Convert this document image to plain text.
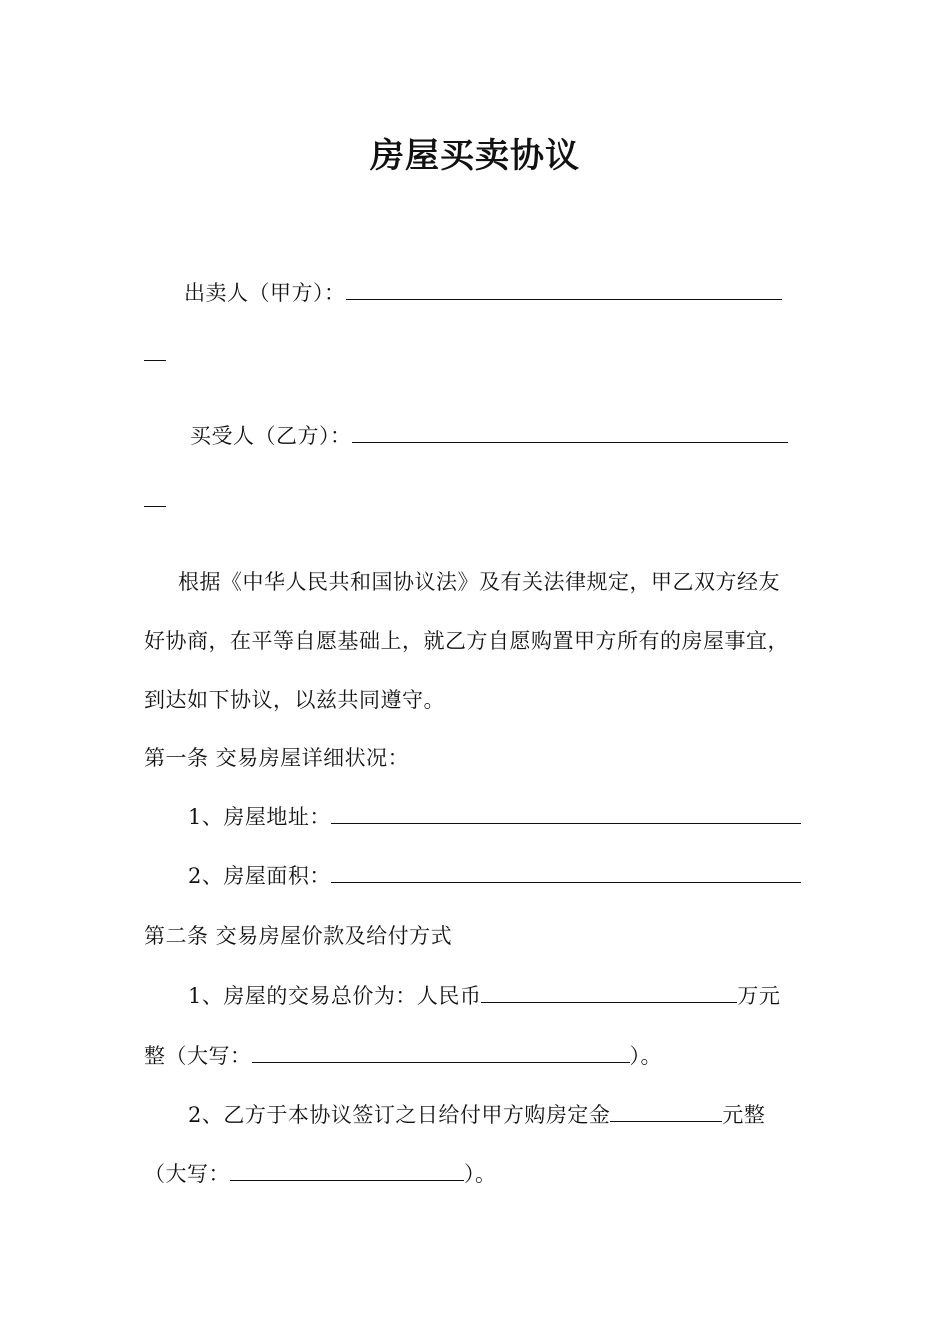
房屋买卖协议
出卖人（甲方）：
买受人（乙方）：
根据《中华人民共和国协议法》及有关法律规定，甲乙双方经友
好协商，在平等自愿基础上，就乙方自愿购置甲方所有的房屋事宜，
到达如下协议，以兹共同遵守。
第一条 交易房屋详细状况：
1、房屋地址：
2、房屋面积：
第二条 交易房屋价款及给付方式
1、房屋的交易总价为：人民币	万元
整（大写：	）。
2、乙方于本协议签订之日给付甲方购房定金	元整
（大写：	）。
